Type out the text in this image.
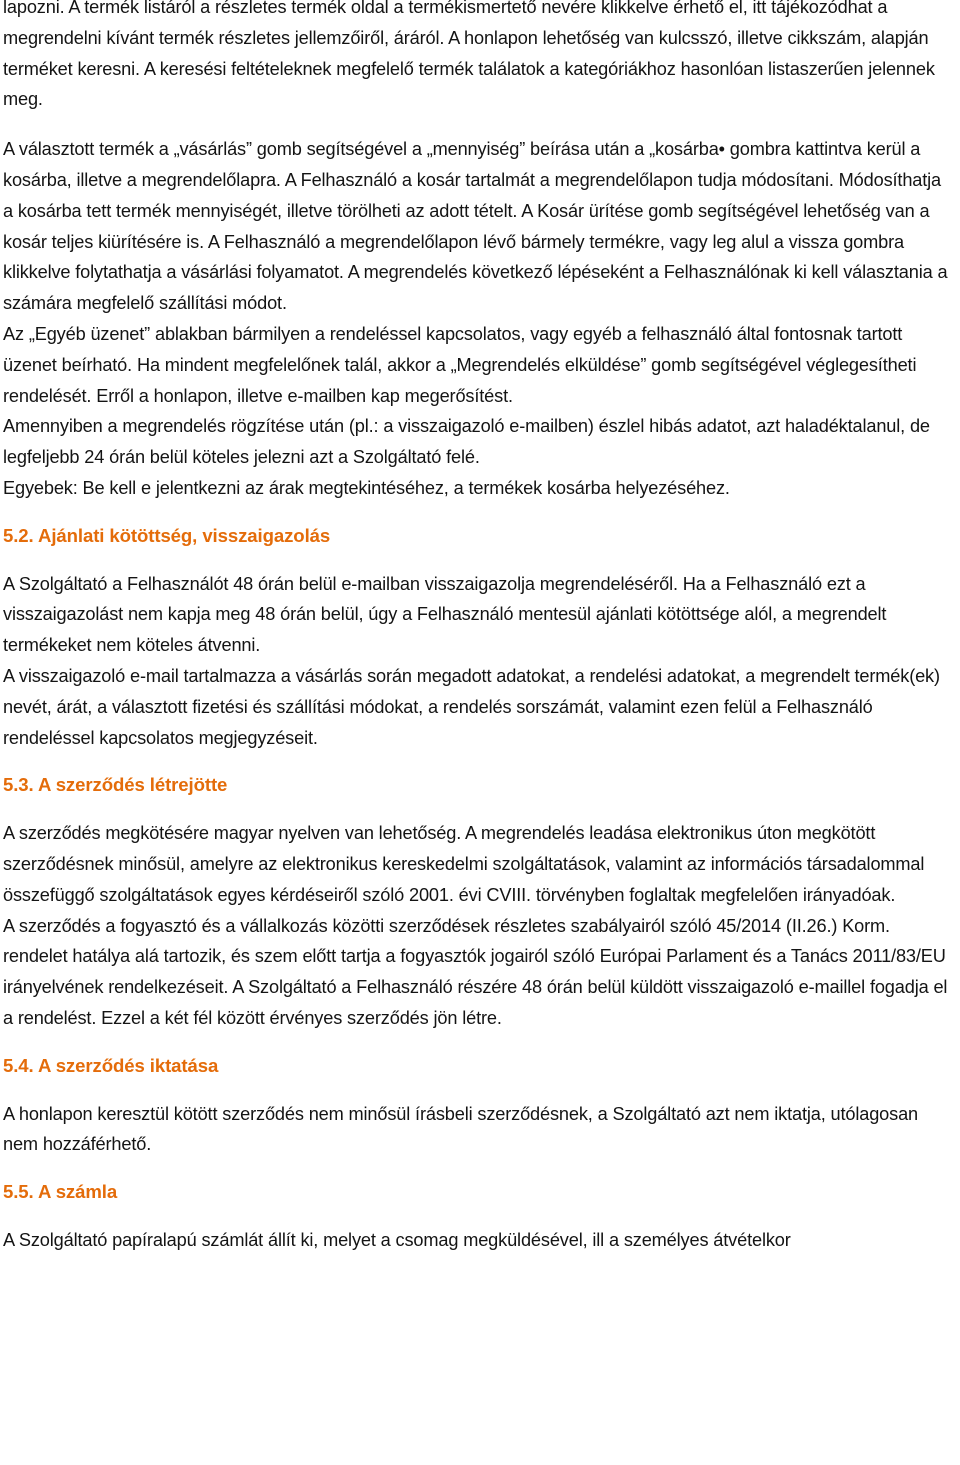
lapozni. A termék listáról a részletes termék oldal a termékismertető nevére klikkelve érhető el, itt tájékozódhat a megrendelni kívánt termék részletes jellemzőiről, áráról. A honlapon lehetőség van kulcsszó, illetve cikkszám, alapján terméket keresni. A keresési feltételeknek megfelelő termék találatok a kategóriákhoz hasonlóan listaszerűen jelennek meg.

A választott termék a „vásárlás” gomb segítségével a „mennyiség” beírása után a „kosárba• gombra kattintva kerül a kosárba, illetve a megrendelőlapra. A Felhasználó a kosár tartalmát a megrendelőlapon tudja módosítani. Módosíthatja a kosárba tett termék mennyiségét, illetve törölheti az adott tételt. A Kosár ürítése gomb segítségével lehetőség van a kosár teljes kiürítésére is. A Felhasználó a megrendelőlapon lévő bármely termékre, vagy leg alul a vissza gombra klikkelve folytathatja a vásárlási folyamatot. A megrendelés következő lépéseként a Felhasználónak ki kell választania a számára megfelelő szállítási módot.

Az „Egyéb üzenet” ablakban bármilyen a rendeléssel kapcsolatos, vagy egyéb a felhasználó által fontosnak tartott üzenet beírható. Ha mindent megfelelőnek talál, akkor a „Megrendelés elküldése” gomb segítségével véglegesítheti rendelését. Erről a honlapon, illetve e-mailben kap megerősítést.

Amennyiben a megrendelés rögzítése után (pl.: a visszaigazoló e-mailben) észlel hibás adatot, azt haladéktalanul, de legfeljebb 24 órán belül köteles jelezni azt a Szolgáltató felé.

Egyebek: Be kell e jelentkezni az árak megtekintéséhez, a termékek kosárba helyezéséhez.

5.2. Ajánlati kötöttség, visszaigazolás

A Szolgáltató a Felhasználót 48 órán belül e-mailban visszaigazolja megrendeléséről. Ha a Felhasználó ezt a visszaigazolást nem kapja meg 48 órán belül, úgy a Felhasználó mentesül ajánlati kötöttsége alól, a megrendelt termékeket nem köteles átvenni.

A visszaigazoló e-mail tartalmazza a vásárlás során megadott adatokat, a rendelési adatokat, a megrendelt termék(ek) nevét, árát, a választott fizetési és szállítási módokat, a rendelés sorszámát, valamint ezen felül a Felhasználó rendeléssel kapcsolatos megjegyzéseit.

5.3. A szerződés létrejötte

A szerződés megkötésére magyar nyelven van lehetőség. A megrendelés leadása elektronikus úton megkötött szerződésnek minősül, amelyre az elektronikus kereskedelmi szolgáltatások, valamint az információs társadalommal összefüggő szolgáltatások egyes kérdéseiről szóló 2001. évi CVIII. törvényben foglaltak megfelelően irányadóak.

A szerződés a fogyasztó és a vállalkozás közötti szerződések részletes szabályairól szóló 45/2014 (II.26.) Korm. rendelet hatálya alá tartozik, és szem előtt tartja a fogyasztók jogairól szóló Európai Parlament és a Tanács 2011/83/EU irányelvének rendelkezéseit. A Szolgáltató a Felhasználó részére 48 órán belül küldött visszaigazoló e-maillel fogadja el a rendelést. Ezzel a két fél között érvényes szerződés jön létre.

5.4. A szerződés iktatása

A honlapon keresztül kötött szerződés nem minősül írásbeli szerződésnek, a Szolgáltató azt nem iktatja, utólagosan nem hozzáférhető.

5.5. A számla

A Szolgáltató papíralapú számlát állít ki, melyet a csomag megküldésével, ill a személyes átvételkor
